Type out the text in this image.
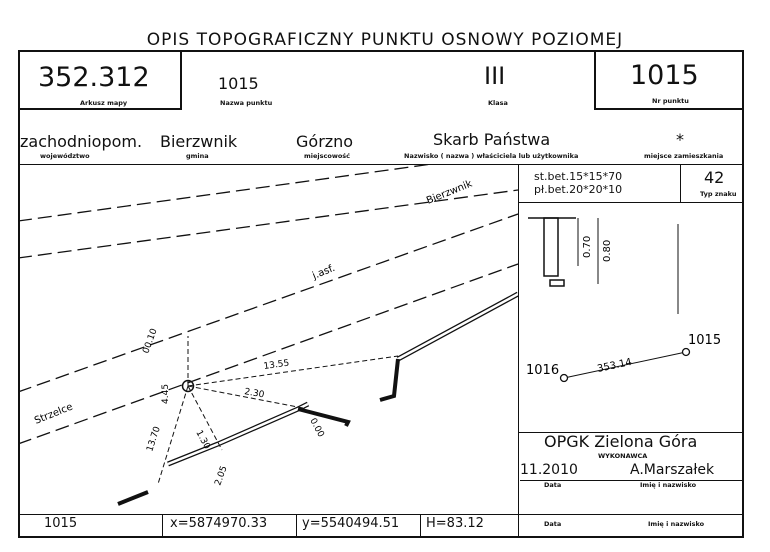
OPIS TOPOGRAFICZNY PUNKTU OSNOWY POZIOMEJ
352.312
Arkusz mapy
1015
Nazwa punktu
III
Klasa
1015
Nr punktu
zachodniopom.
województwo
Bierzwnik
gmina
Górzno
miejscowość
Skarb Państwa
Nazwisko ( nazwa ) właściciela lub użytkownika
*
miejsce zamieszkania
st.bet.15*15*70
pł.bet.20*20*10
42
Typ znaku
OPGK Zielona Góra
WYKONAWCA
11.2010
Data
A.Marszałek
Imię i nazwisko
Data	Imię i nazwisko
1015	x=5874970.33	y=5540494.51 H=83.12
Bierzwnik
j.asf.
Strzelce
00.10
4.45
13.55
2.30
13.70	1.30
0.00
2.05
0.70 0.80
1016
1015
353.14
